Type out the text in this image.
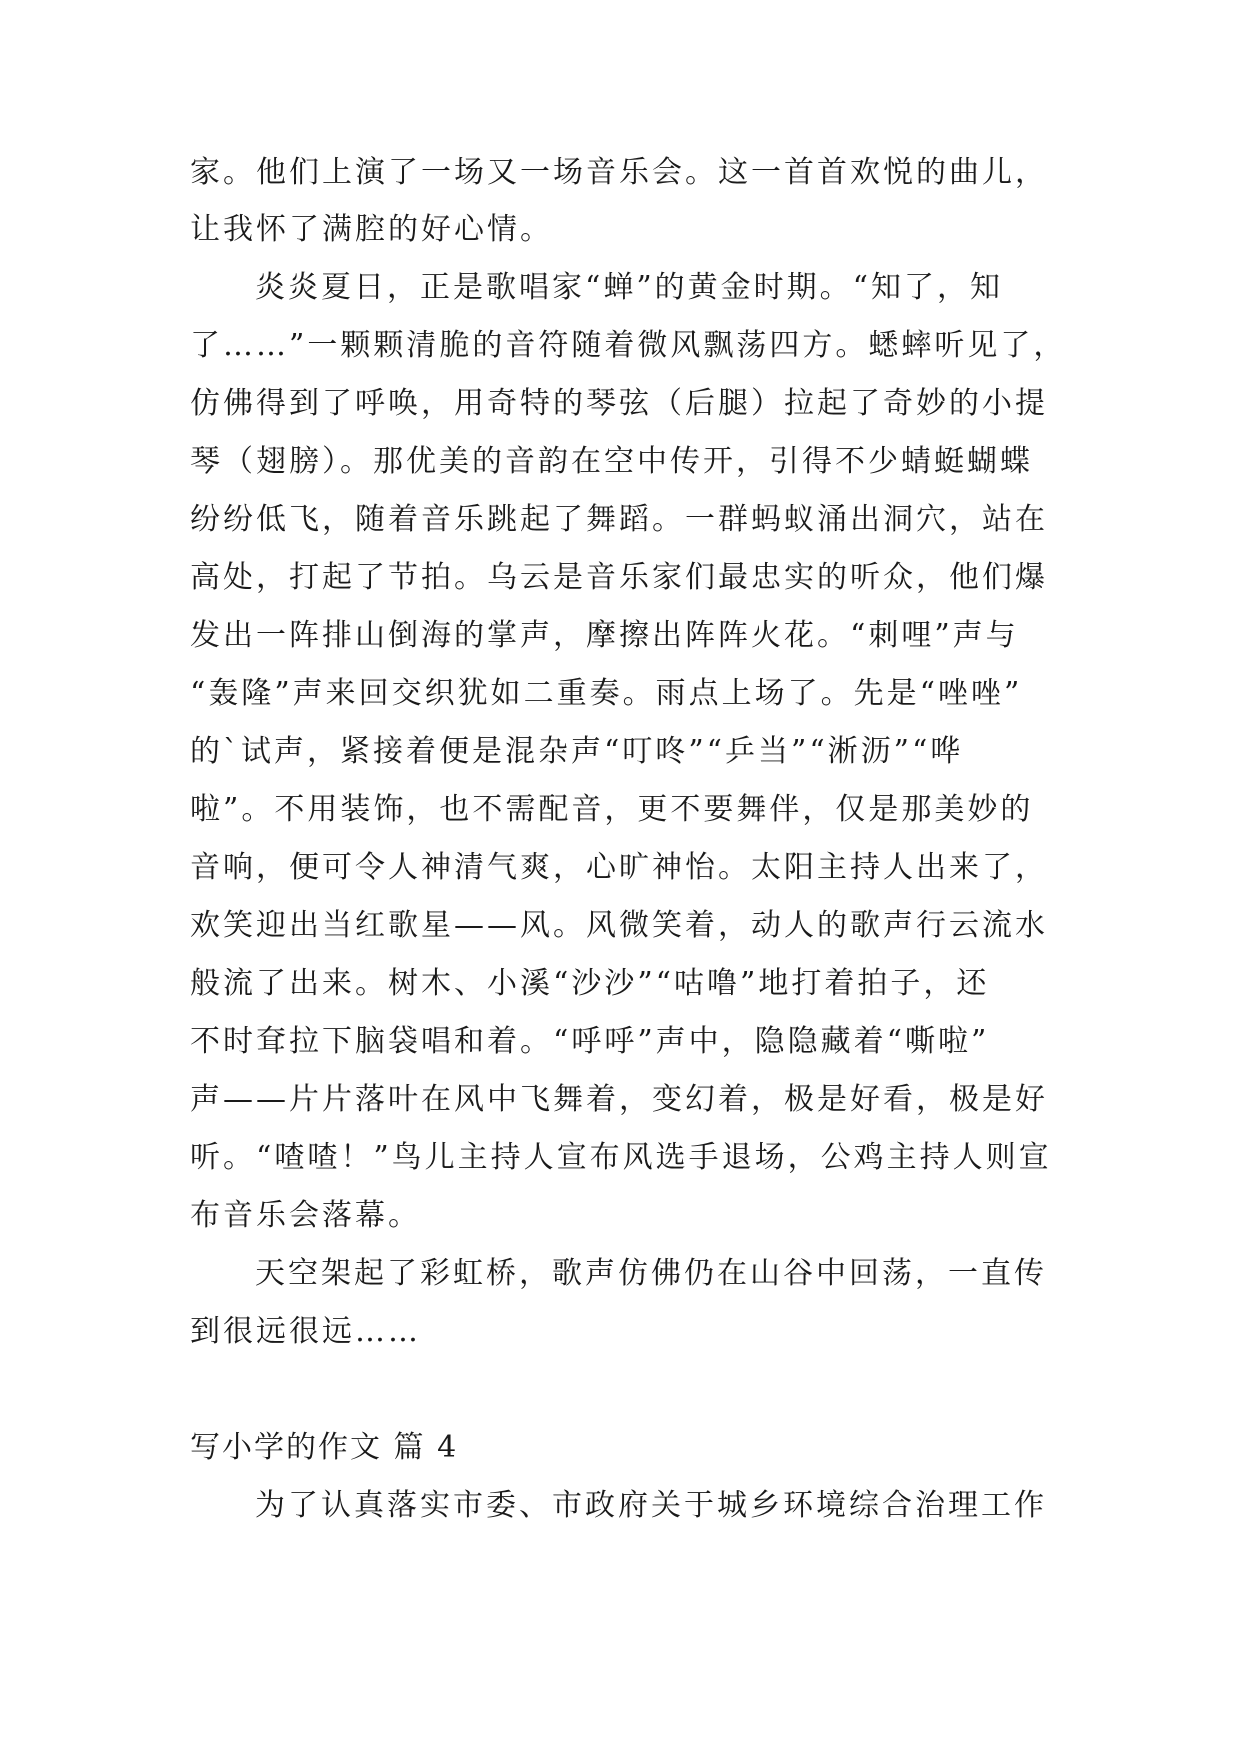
家。他们上演了一场又一场音乐会。这一首首欢悦的曲儿，
让我怀了满腔的好心情。
炎炎夏日，正是歌唱家“蝉”的黄金时期。“知了，知
了……”一颗颗清脆的音符随着微风飘荡四方。蟋蟀听见了，
仿佛得到了呼唤，用奇特的琴弦（后腿）拉起了奇妙的小提
琴（翅膀）。那优美的音韵在空中传开，引得不少蜻蜓蝴蝶
纷纷低飞，随着音乐跳起了舞蹈。一群蚂蚁涌出洞穴，站在
高处，打起了节拍。乌云是音乐家们最忠实的听众，他们爆
发出一阵排山倒海的掌声，摩擦出阵阵火花。“刺哩”声与
“轰隆”声来回交织犹如二重奏。雨点上场了。先是“唑唑”
的`试声，紧接着便是混杂声“叮咚”“乒当”“淅沥”“哗
啦”。不用装饰，也不需配音，更不要舞伴，仅是那美妙的
音响，便可令人神清气爽，心旷神怡。太阳主持人出来了，
欢笑迎出当红歌星——风。风微笑着，动人的歌声行云流水
般流了出来。树木、小溪“沙沙”“咕噜”地打着拍子，还
不时耷拉下脑袋唱和着。“呼呼”声中，隐隐藏着“嘶啦”
声——片片落叶在风中飞舞着，变幻着，极是好看，极是好
听。“喳喳！”鸟儿主持人宣布风选手退场，公鸡主持人则宣
布音乐会落幕。
天空架起了彩虹桥，歌声仿佛仍在山谷中回荡，一直传
到很远很远……
写小学的作文 篇 4
为了认真落实市委、市政府关于城乡环境综合治理工作
